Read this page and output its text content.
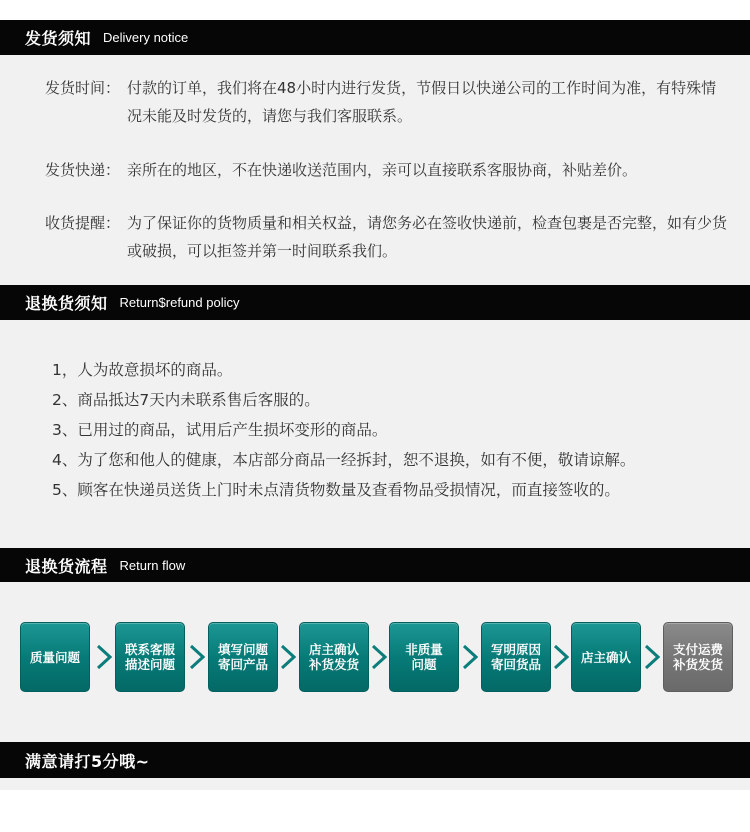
发货须知 Delivery notice
发货时间： 付款的订单，我们将在48小时内进行发货，节假日以快递公司的工作时间为准，有特殊情况未能及时发货的，请您与我们客服联系。
发货快递： 亲所在的地区，不在快递收送范围内，亲可以直接联系客服协商，补贴差价。
收货提醒： 为了保证你的货物质量和相关权益，请您务必在签收快递前，检查包裹是否完整，如有少货或破损，可以拒签并第一时间联系我们。
退换货须知 Return$refund policy
1，人为故意损坏的商品。
2、商品抵达7天内未联系售后客服的。
3、已用过的商品，试用后产生损坏变形的商品。
4、为了您和他人的健康，本店部分商品一经拆封，恕不退换，如有不便，敬请谅解。
5、顾客在快递员送货上门时未点清货物数量及查看物品受损情况，而直接签收的。
退换货流程 Return flow
质量问题	联系客服
描述问题
填写问题
寄回产品
店主确认
补货发货
非质量
问题
写明原因
寄回货品	店主确认	支付运费
补货发货
满意请打5分哦~
